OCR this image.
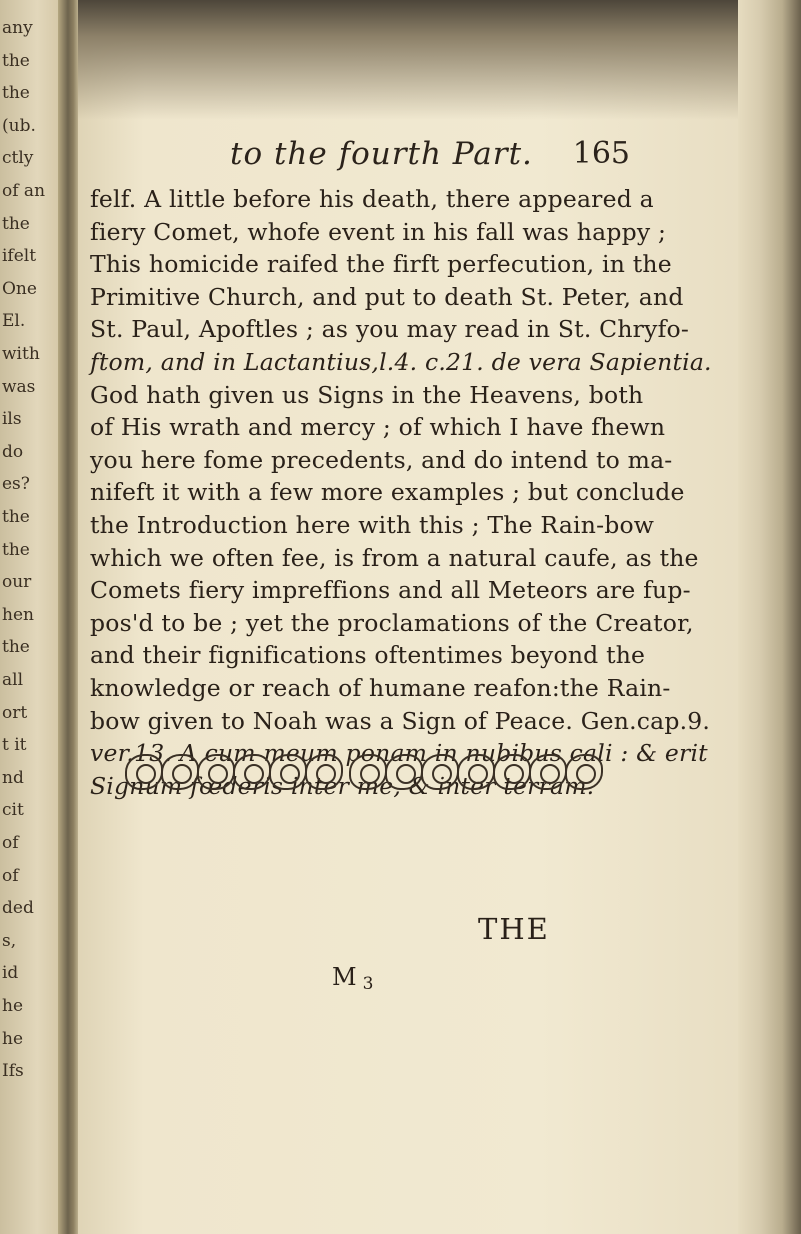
any
the
the
(ub.
ctly
of an
the
ifelt
One
El.
with
was
ils
do
es?
the
the
our
hen
the
all
ort
t it
nd
cit
of
of
ded
s,
id
he
he
Ifs
to the fourth Part. 165
felf. A little before his death, there appeared a
fiery Comet, whofe event in his fall was happy ;
This homicide raifed the firft perfecution, in the
Primitive Church, and put to death St. Peter, and
St. Paul, Apoftles ; as you may read in St. Chryfo-
ftom, and in Lactantius,l.4. c.21. de vera Sapientia.
God hath given us Signs in the Heavens, both
of His wrath and mercy ; of which I have fhewn
you here fome precedents, and do intend to ma-
nifeft it with a few more examples ; but conclude
the Introduction here with this ; The Rain-bow
which we often fee, is from a natural caufe, as the
Comets fiery impreffions and all Meteors are fup-
pos'd to be ; yet the proclamations of the Creator,
and their fignifications oftentimes beyond the
knowledge or reach of humane reafon:the Rain-
bow given to Noah was a Sign of Peace. Gen.cap.9.
ver.13. A cum meum ponam in nubibus cali : & erit
Signum fœderis inter me, & inter terram.
THE
M 3
